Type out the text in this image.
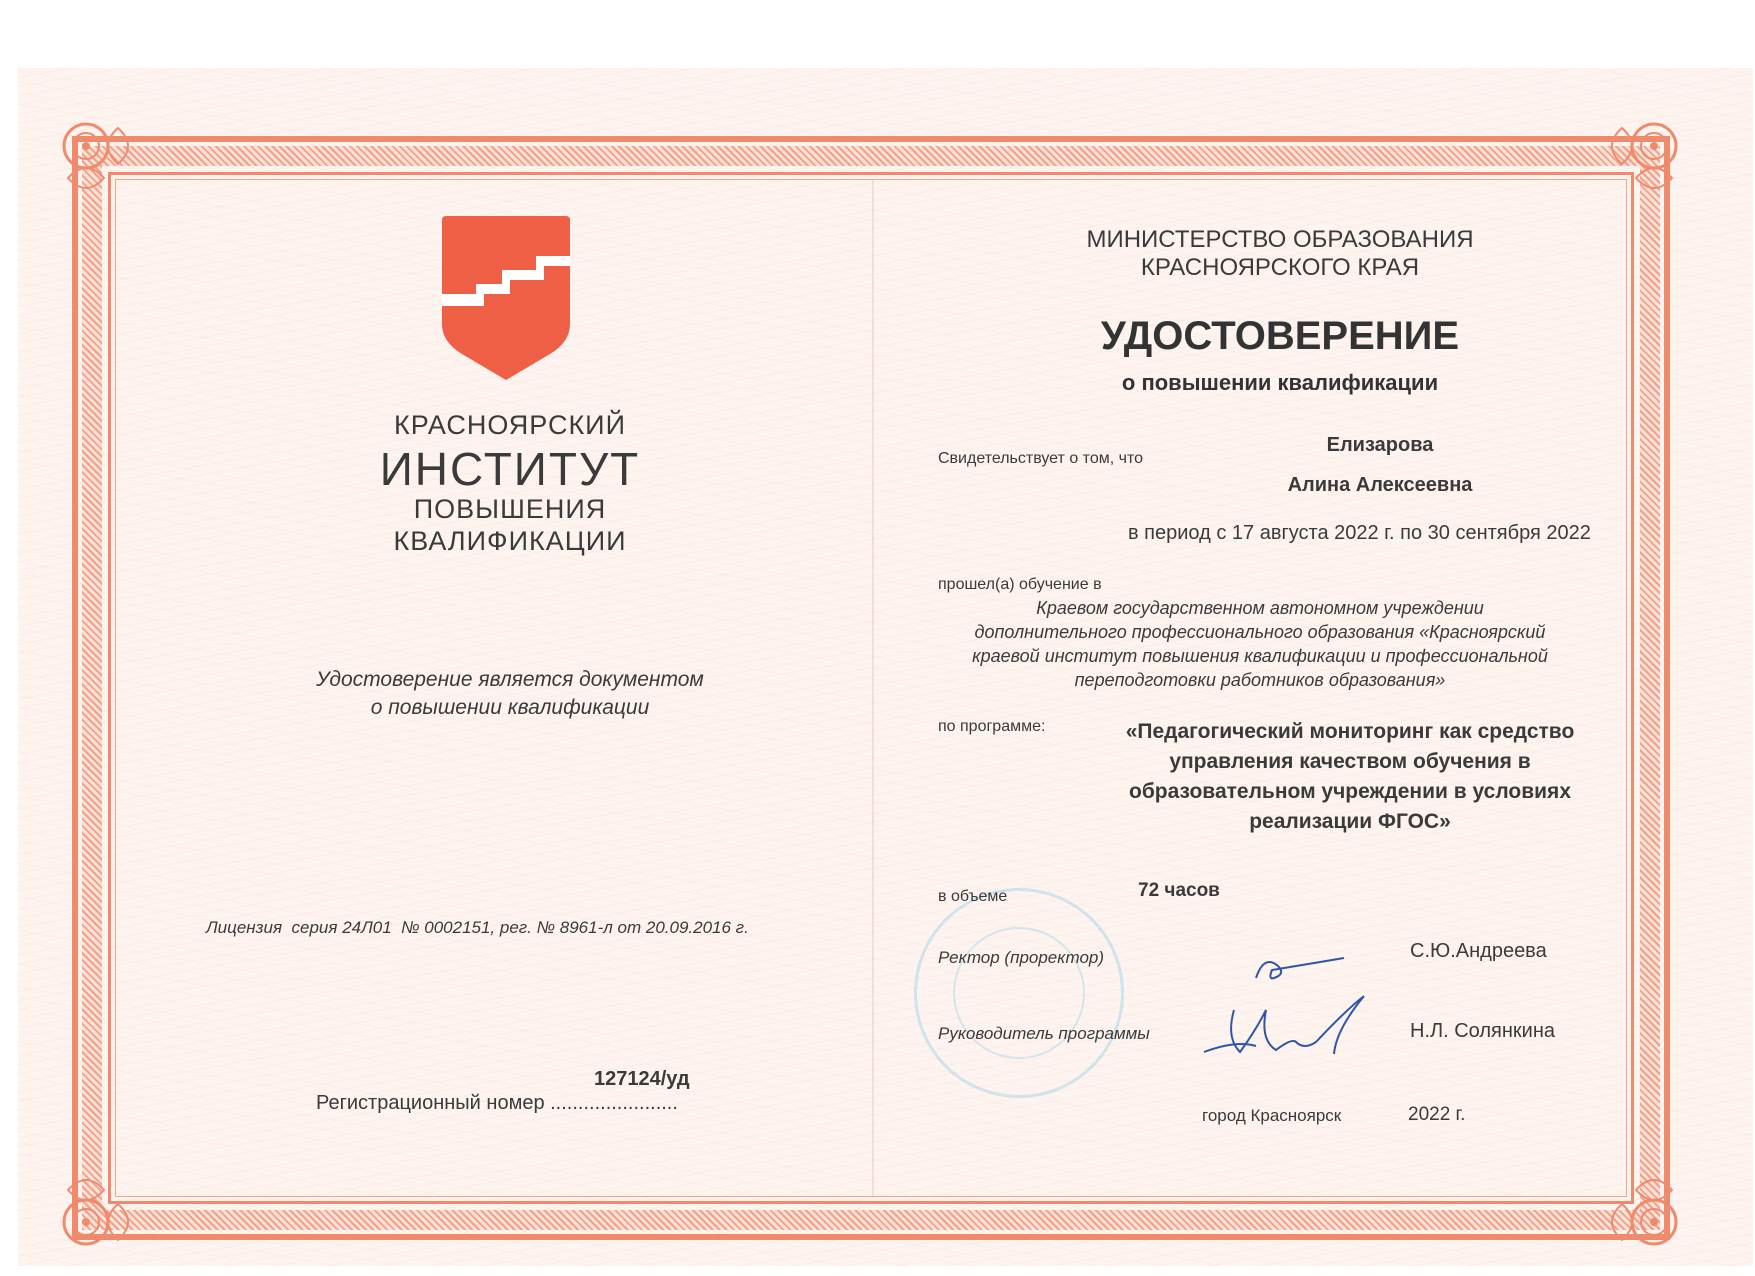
КРАСНОЯРСКИЙ
ИНСТИТУТ
ПОВЫШЕНИЯ
КВАЛИФИКАЦИИ
Удостоверение является документом
о повышении квалификации
Лицензия  серия 24Л01  № 0002151, рег. № 8961-л от 20.09.2016 г.
127124/уд
Регистрационный номер .......................
МИНИСТЕРСТВО ОБРАЗОВАНИЯ
КРАСНОЯРСКОГО КРАЯ
УДОСТОВЕРЕНИЕ
о повышении квалификации
Свидетельствует о том, что
Елизарова
Алина Алексеевна
в период с 17 августа 2022 г. по 30 сентября 2022
прошел(а) обучение в
Краевом государственном автономном учреждении
дополнительного профессионального образования «Красноярский
краевой институт повышения квалификации и профессиональной
переподготовки работников образования»
по программе:	«Педагогический мониторинг как средство
управления качеством обучения в
образовательном учреждении в условиях
реализации ФГОС»
в объеме	72 часов
Ректор (проректор)	С.Ю.Андреева
Руководитель программы	Н.Л. Солянкина
город Красноярск	2022 г.
